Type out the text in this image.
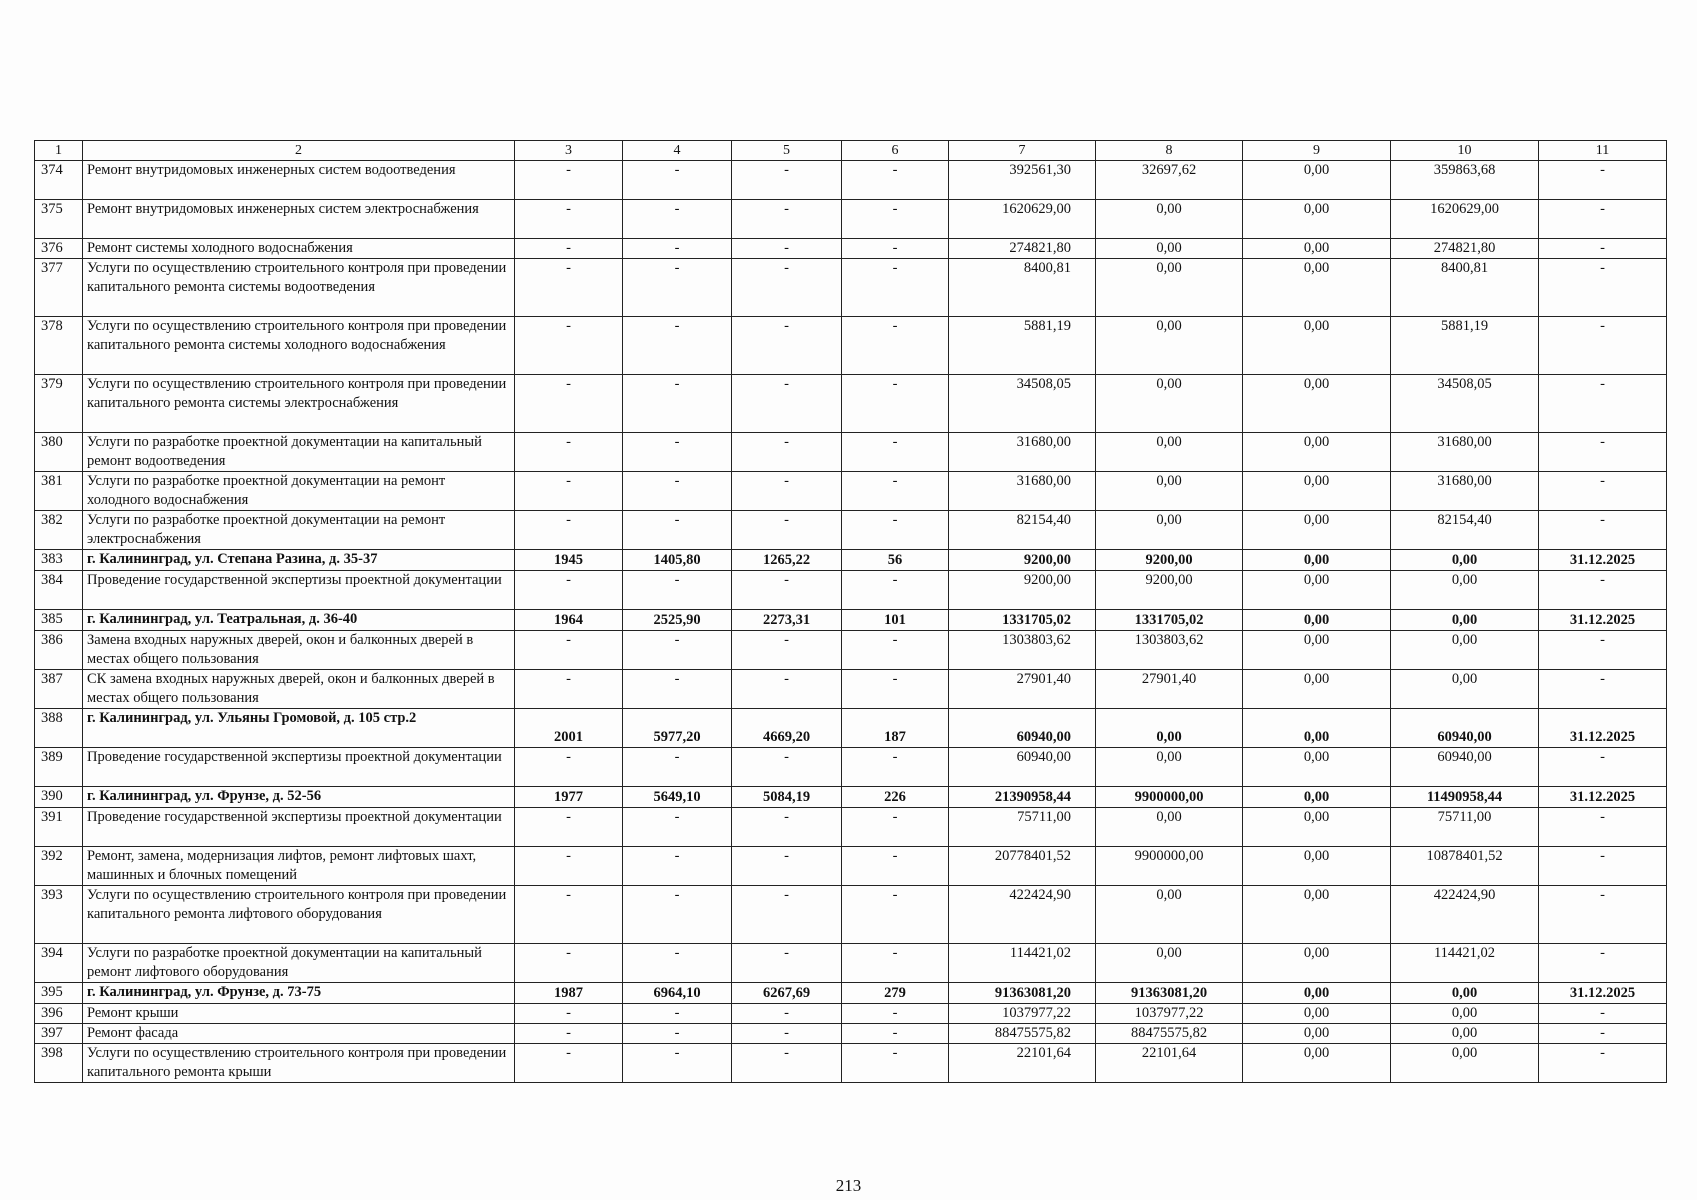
1	2	3	4	5	6	7	8	9	10	11
374	Ремонт внутридомовых инженерных систем водоотведения	-	-	-	-	392561,30	32697,62	0,00	359863,68	-
375	Ремонт внутридомовых инженерных систем электроснабжения	-	-	-	-	1620629,00	0,00	0,00	1620629,00	-
376	Ремонт системы холодного водоснабжения	-	-	-	-	274821,80	0,00	0,00	274821,80	-
377	Услуги по осуществлению строительного контроля при проведении капитального ремонта системы водоотведения	-	-	-	-	8400,81	0,00	0,00	8400,81	-
378	Услуги по осуществлению строительного контроля при проведении капитального ремонта системы холодного водоснабжения	-	-	-	-	5881,19	0,00	0,00	5881,19	-
379	Услуги по осуществлению строительного контроля при проведении капитального ремонта системы электроснабжения	-	-	-	-	34508,05	0,00	0,00	34508,05	-
380	Услуги по разработке проектной документации на капитальный ремонт водоотведения	-	-	-	-	31680,00	0,00	0,00	31680,00	-
381	Услуги по разработке проектной документации на ремонт холодного водоснабжения	-	-	-	-	31680,00	0,00	0,00	31680,00	-
382	Услуги по разработке проектной документации на ремонт электроснабжения	-	-	-	-	82154,40	0,00	0,00	82154,40	-
383	г. Калининград, ул. Степана Разина, д. 35-37	1945	1405,80	1265,22	56	9200,00	9200,00	0,00	0,00	31.12.2025
384	Проведение государственной экспертизы проектной документации	-	-	-	-	9200,00	9200,00	0,00	0,00	-
385	г. Калининград, ул. Театральная, д. 36-40	1964	2525,90	2273,31	101	1331705,02	1331705,02	0,00	0,00	31.12.2025
386	Замена входных наружных дверей, окон и балконных дверей в местах общего пользования	-	-	-	-	1303803,62	1303803,62	0,00	0,00	-
387	СК замена входных наружных дверей, окон и балконных дверей в местах общего пользования	-	-	-	-	27901,40	27901,40	0,00	0,00	-
388	г. Калининград, ул. Ульяны Громовой, д. 105 стр.2	2001	5977,20	4669,20	187	60940,00	0,00	0,00	60940,00	31.12.2025
389	Проведение государственной экспертизы проектной документации	-	-	-	-	60940,00	0,00	0,00	60940,00	-
390	г. Калининград, ул. Фрунзе, д. 52-56	1977	5649,10	5084,19	226	21390958,44	9900000,00	0,00	11490958,44	31.12.2025
391	Проведение государственной экспертизы проектной документации	-	-	-	-	75711,00	0,00	0,00	75711,00	-
392	Ремонт, замена, модернизация лифтов, ремонт лифтовых шахт, машинных и блочных помещений	-	-	-	-	20778401,52	9900000,00	0,00	10878401,52	-
393	Услуги по осуществлению строительного контроля при проведении капитального ремонта лифтового оборудования	-	-	-	-	422424,90	0,00	0,00	422424,90	-
394	Услуги по разработке проектной документации на капитальный ремонт лифтового оборудования	-	-	-	-	114421,02	0,00	0,00	114421,02	-
395	г. Калининград, ул. Фрунзе, д. 73-75	1987	6964,10	6267,69	279	91363081,20	91363081,20	0,00	0,00	31.12.2025
396	Ремонт крыши	-	-	-	-	1037977,22	1037977,22	0,00	0,00	-
397	Ремонт фасада	-	-	-	-	88475575,82	88475575,82	0,00	0,00	-
398	Услуги по осуществлению строительного контроля при проведении капитального ремонта крыши	-	-	-	-	22101,64	22101,64	0,00	0,00	-
213
